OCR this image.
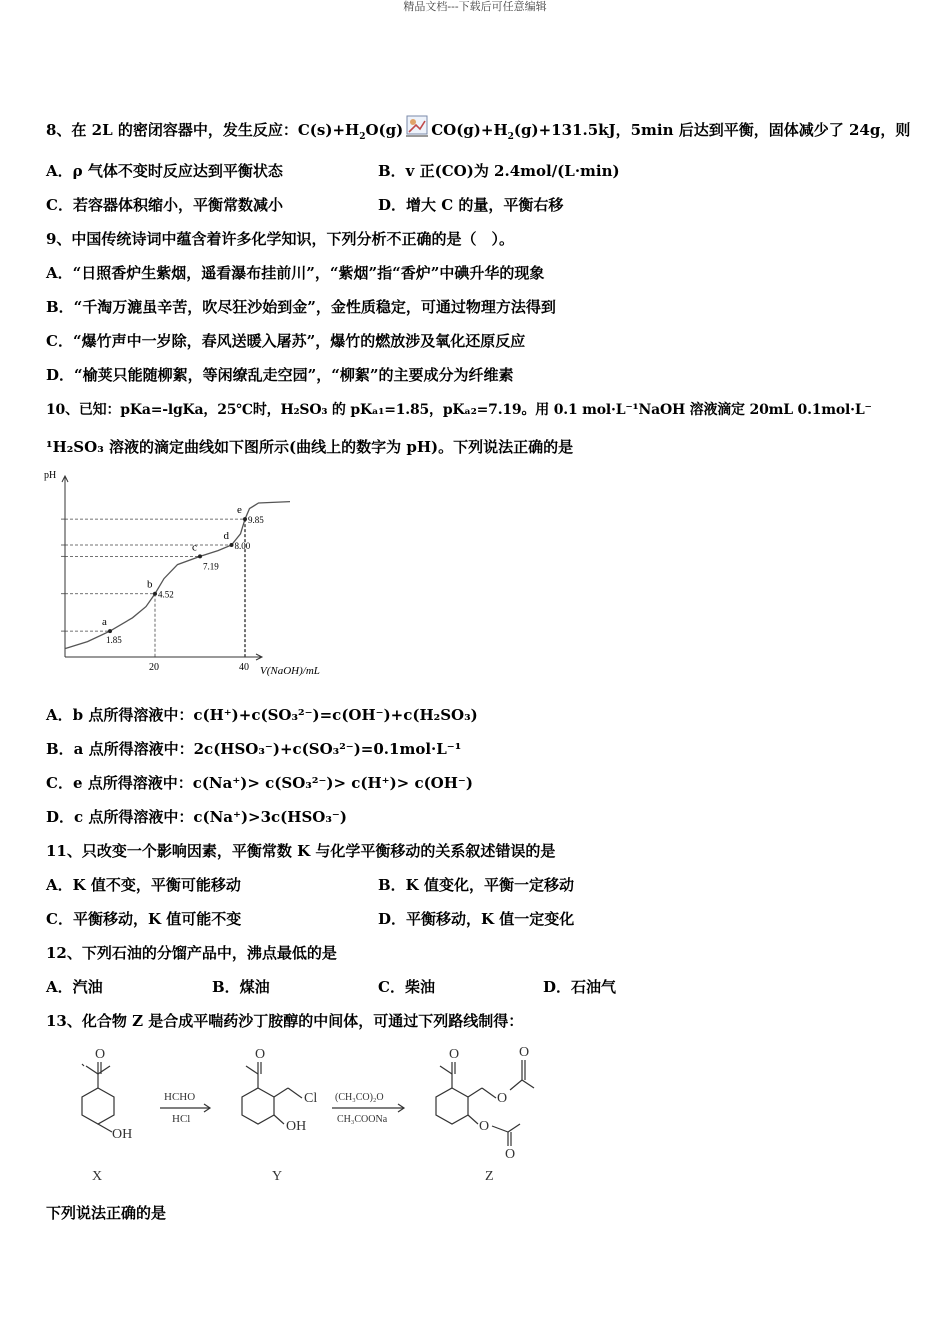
精品文档---下载后可任意编辑
8、在 2L 的密闭容器中，发生反应：$C(s)+H_2O(g)$ ⇌ $CO(g)+H_2(g)+131.5kJ$，5min 后达到平衡，固体减少了 24g，则
A．ρ 气体不变时反应达到平衡状态	B．v 正(CO)为 2.4mol/(L·min)
C．若容器体积缩小，平衡常数减小	D．增大 C 的量，平衡右移
9、中国传统诗词中蕴含着许多化学知识，下列分析不正确的是（　）。
A．“日照香炉生紫烟，遥看瀑布挂前川”，“紫烟”指“香炉”中碘升华的现象
B．“千淘万漉虽辛苦，吹尽狂沙始到金”，金性质稳定，可通过物理方法得到
C．“爆竹声中一岁除，春风送暖入屠苏”，爆竹的燃放涉及氧化还原反应
D．“榆荚只能随柳絮，等闲缭乱走空园”，“柳絮”的主要成分为纤维素
10、已知：pKa=-lgKa，25℃时，H₂SO₃ 的 pKₐ₁=1.85，pKₐ₂=7.19。用 0.1 mol·L⁻¹NaOH 溶液滴定 20mL 0.1mol·L⁻
¹H₂SO₃ 溶液的滴定曲线如下图所示(曲线上的数字为 pH)。下列说法正确的是
pH
V(NaOH)/mL
20	40
a
1.85
b
4.52
c
7.19
d
8.00
e
9.85
A．b 点所得溶液中：c(H⁺)+c(SO₃²⁻)=c(OH⁻)+c(H₂SO₃)
B．a 点所得溶液中：2c(HSO₃⁻)+c(SO₃²⁻)=0.1mol·L⁻¹
C．e 点所得溶液中：c(Na⁺)> c(SO₃²⁻)> c(H⁺)> c(OH⁻)
D．c 点所得溶液中：c(Na⁺)>3c(HSO₃⁻)
11、只改变一个影响因素，平衡常数 K 与化学平衡移动的关系叙述错误的是
A．K 值不变，平衡可能移动	B．K 值变化，平衡一定移动
C．平衡移动，K 值可能不变	D．平衡移动，K 值一定变化
12、下列石油的分馏产品中，沸点最低的是
A．汽油	B．煤油	C．柴油	D．石油气
13、化合物 Z 是合成平喘药沙丁胺醇的中间体，可通过下列路线制得：
O
OH
X
HCHO
HCl
O
Cl
OH
Y
(CH₃CO)₂O
CH₃COONa
O
O
O
O
O
Z
下列说法正确的是
